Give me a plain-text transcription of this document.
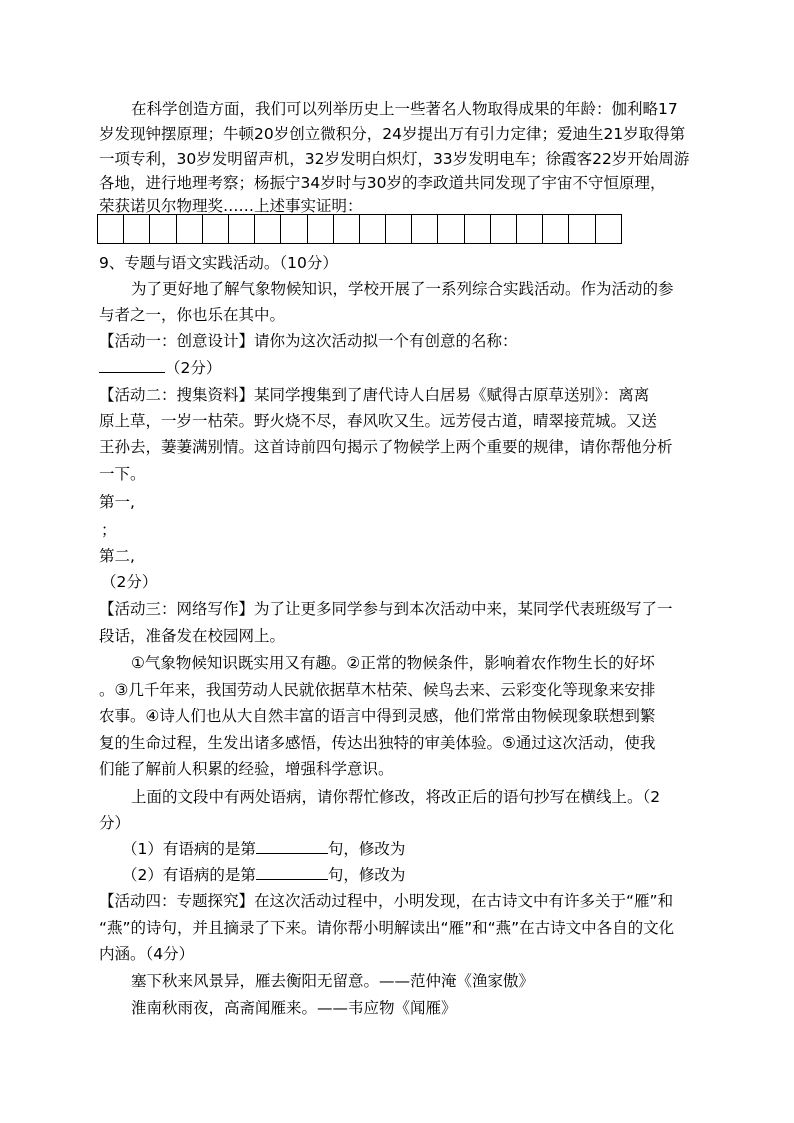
在科学创造方面，我们可以列举历史上一些著名人物取得成果的年龄：伽利略17
岁发现钟摆原理；牛顿20岁创立微积分，24岁提出万有引力定律；爱迪生21岁取得第
一项专利，30岁发明留声机，32岁发明白炽灯，33岁发明电车；徐霞客22岁开始周游
各地，进行地理考察；杨振宁34岁时与30岁的李政道共同发现了宇宙不守恒原理，
荣获诺贝尔物理奖……上述事实证明：
9、专题与语文实践活动。（10分）
为了更好地了解气象物候知识，学校开展了一系列综合实践活动。作为活动的参
与者之一，你也乐在其中。
【活动一：创意设计】请你为这次活动拟一个有创意的名称：
（2分）
【活动二：搜集资料】某同学搜集到了唐代诗人白居易《赋得古原草送别》：离离
原上草，一岁一枯荣。野火烧不尽，春风吹又生。远芳侵古道，晴翠接荒城。又送
王孙去，萋萋满别情。这首诗前四句揭示了物候学上两个重要的规律，请你帮他分析
一下。
第一,
；
第二,
（2分）
【活动三：网络写作】为了让更多同学参与到本次活动中来，某同学代表班级写了一
段话，准备发在校园网上。
①气象物候知识既实用又有趣。②正常的物候条件，影响着农作物生长的好坏
。③几千年来，我国劳动人民就依据草木枯荣、候鸟去来、云彩变化等现象来安排
农事。④诗人们也从大自然丰富的语言中得到灵感，他们常常由物候现象联想到繁
复的生命过程，生发出诸多感悟，传达出独特的审美体验。⑤通过这次活动，使我
们能了解前人积累的经验，增强科学意识。
上面的文段中有两处语病，请你帮忙修改，将改正后的语句抄写在横线上。（2
分）
（1）有语病的是第	句，修改为
（2）有语病的是第	句，修改为
【活动四：专题探究】在这次活动过程中，小明发现，在古诗文中有许多关于“雁”和
“燕”的诗句，并且摘录了下来。请你帮小明解读出“雁”和“燕”在古诗文中各自的文化
内涵。（4分）
塞下秋来风景异，雁去衡阳无留意。——范仲淹《渔家傲》
淮南秋雨夜，高斋闻雁来。——韦应物《闻雁》
